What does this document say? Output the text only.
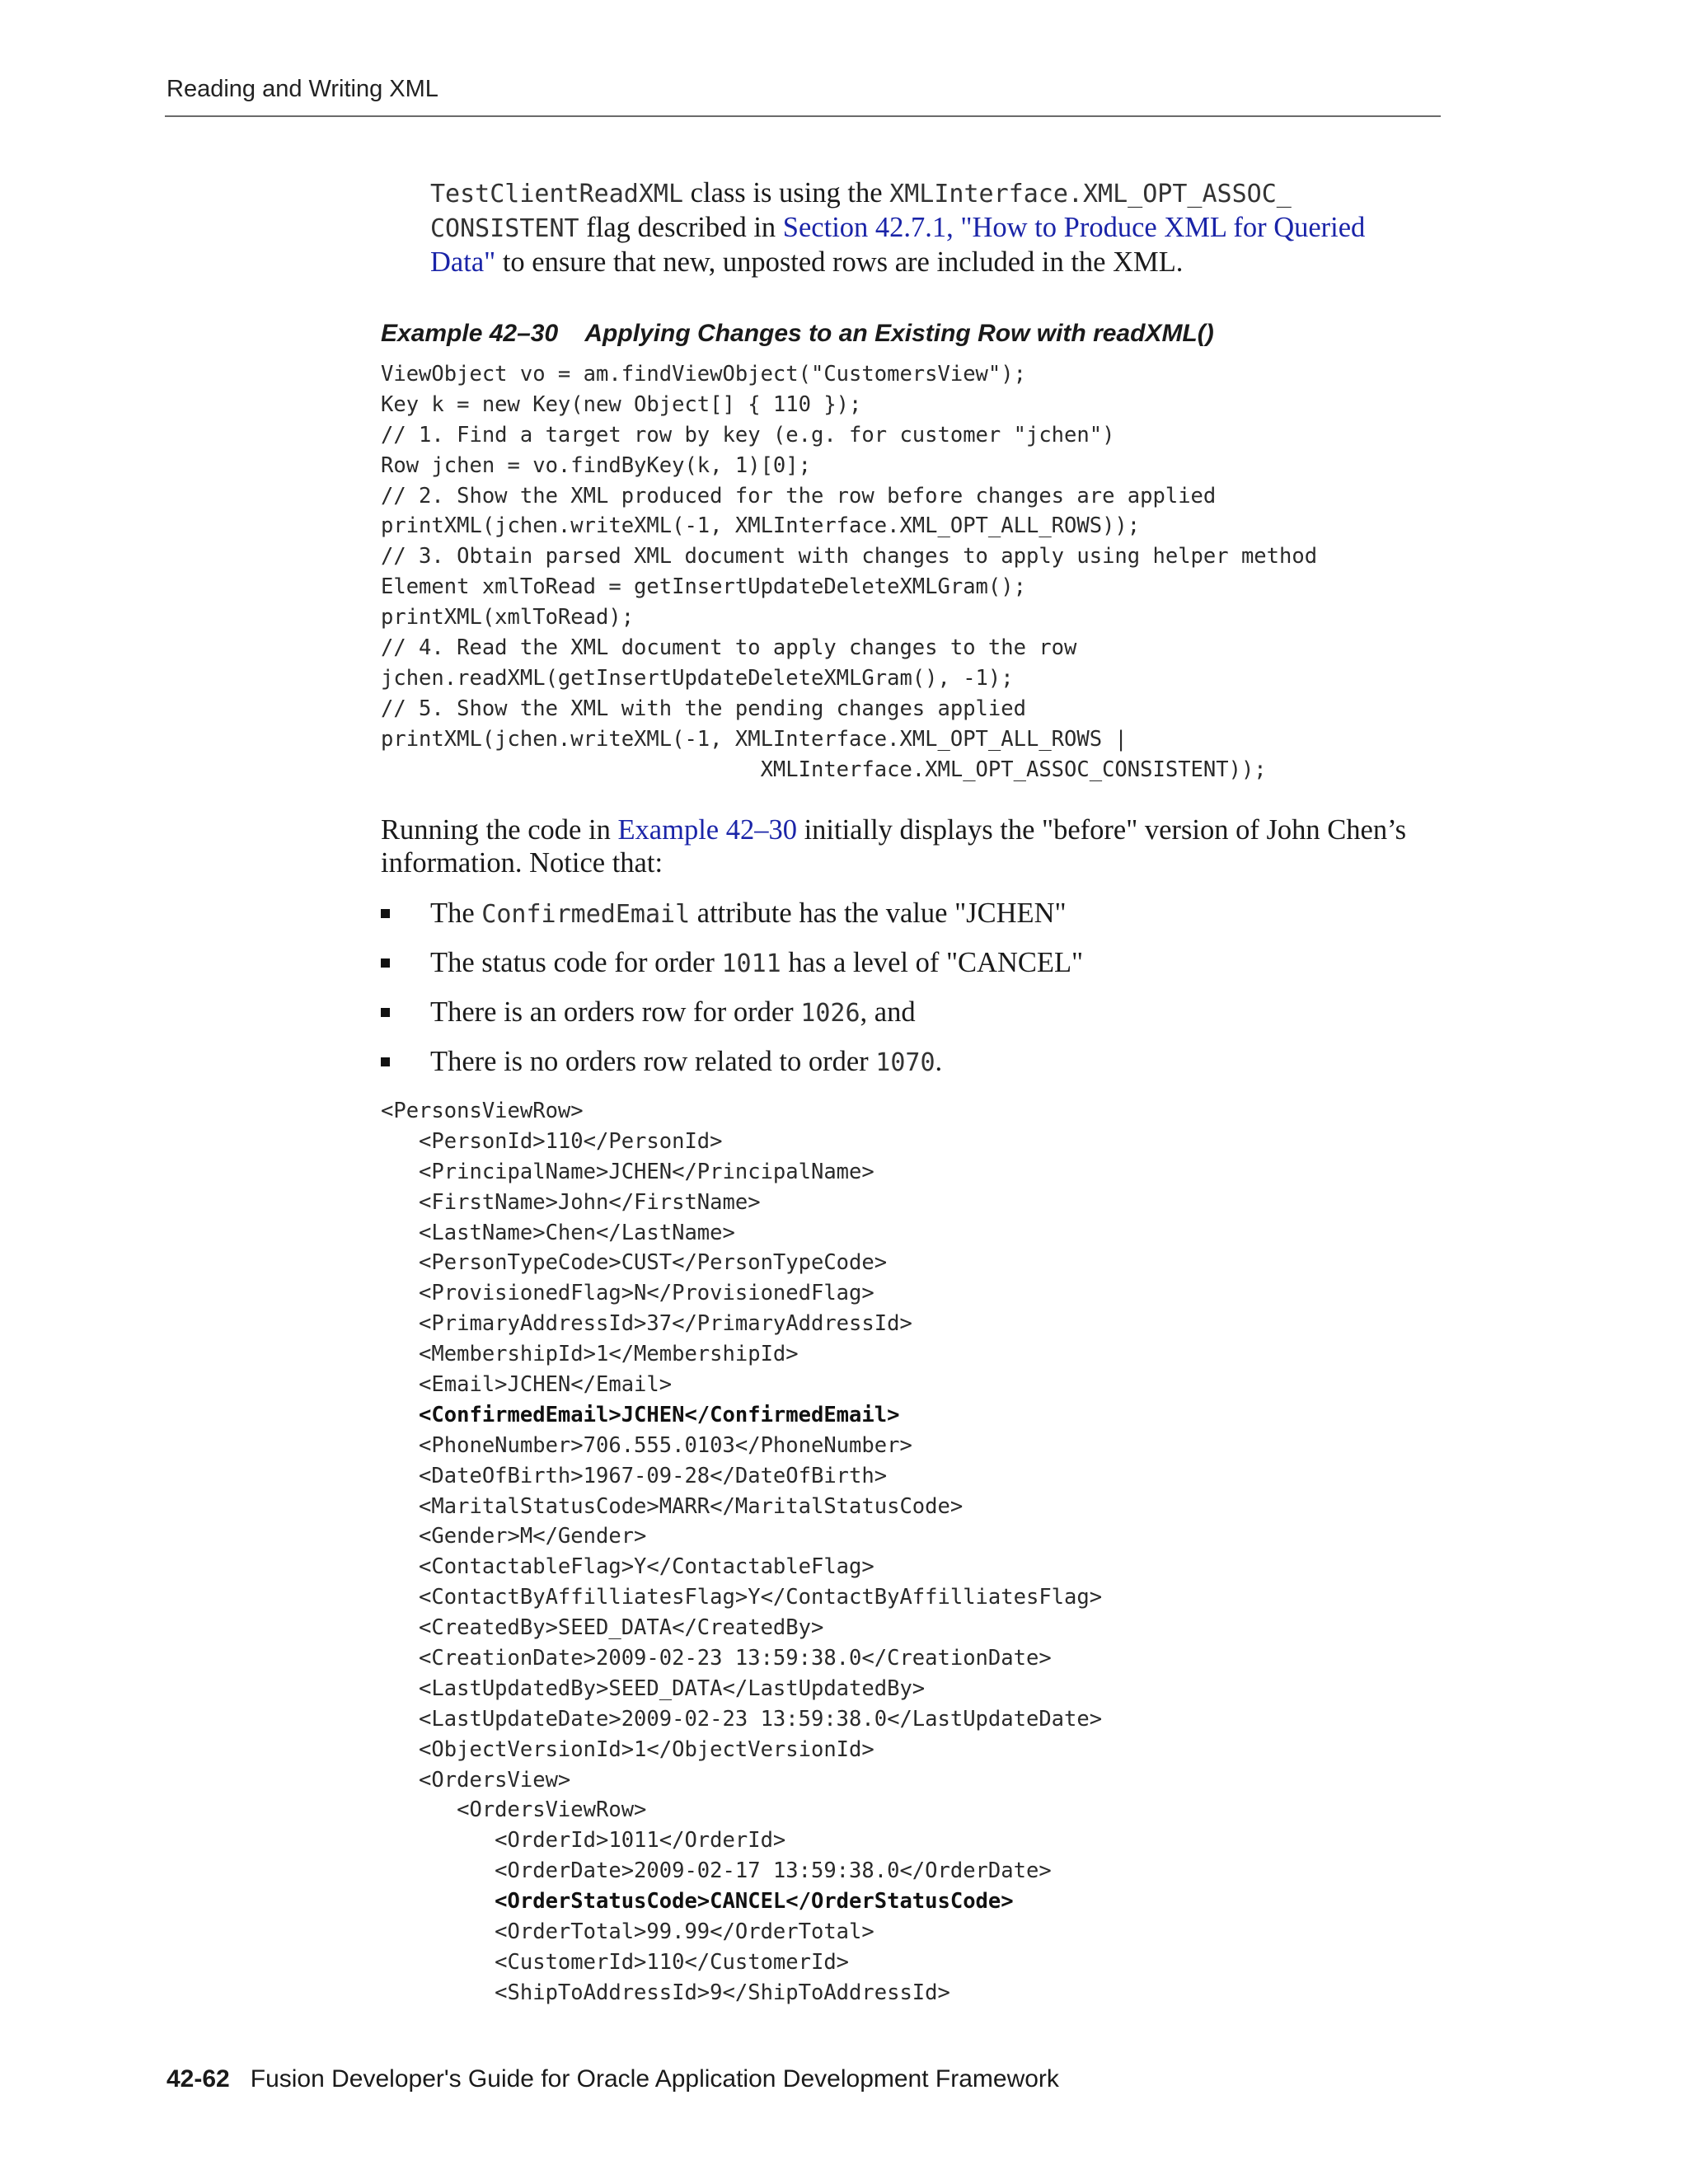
Reading and Writing XML
TestClientReadXML class is using the XMLInterface.XML_OPT_ASSOC_
CONSISTENT flag described in Section 42.7.1, "How to Produce XML for Queried
Data" to ensure that new, unposted rows are included in the XML.
Example 42–30    Applying Changes to an Existing Row with readXML()
ViewObject vo = am.findViewObject("CustomersView");
Key k = new Key(new Object[] { 110 });
// 1. Find a target row by key (e.g. for customer "jchen")
Row jchen = vo.findByKey(k, 1)[0];
// 2. Show the XML produced for the row before changes are applied
printXML(jchen.writeXML(-1, XMLInterface.XML_OPT_ALL_ROWS));
// 3. Obtain parsed XML document with changes to apply using helper method
Element xmlToRead = getInsertUpdateDeleteXMLGram();
printXML(xmlToRead);
// 4. Read the XML document to apply changes to the row
jchen.readXML(getInsertUpdateDeleteXMLGram(), -1);
// 5. Show the XML with the pending changes applied
printXML(jchen.writeXML(-1, XMLInterface.XML_OPT_ALL_ROWS |
XMLInterface.XML_OPT_ASSOC_CONSISTENT));
Running the code in Example 42–30 initially displays the "before" version of John Chen’s information. Notice that:
The ConfirmedEmail attribute has the value "JCHEN"
The status code for order 1011 has a level of "CANCEL"
There is an orders row for order 1026, and
There is no orders row related to order 1070.
<PersonsViewRow>
<PersonId>110</PersonId>
<PrincipalName>JCHEN</PrincipalName>
<FirstName>John</FirstName>
<LastName>Chen</LastName>
<PersonTypeCode>CUST</PersonTypeCode>
<ProvisionedFlag>N</ProvisionedFlag>
<PrimaryAddressId>37</PrimaryAddressId>
<MembershipId>1</MembershipId>
<Email>JCHEN</Email>
<ConfirmedEmail>JCHEN</ConfirmedEmail>
<PhoneNumber>706.555.0103</PhoneNumber>
<DateOfBirth>1967-09-28</DateOfBirth>
<MaritalStatusCode>MARR</MaritalStatusCode>
<Gender>M</Gender>
<ContactableFlag>Y</ContactableFlag>
<ContactByAffilliatesFlag>Y</ContactByAffilliatesFlag>
<CreatedBy>SEED_DATA</CreatedBy>
<CreationDate>2009-02-23 13:59:38.0</CreationDate>
<LastUpdatedBy>SEED_DATA</LastUpdatedBy>
<LastUpdateDate>2009-02-23 13:59:38.0</LastUpdateDate>
<ObjectVersionId>1</ObjectVersionId>
<OrdersView>
<OrdersViewRow>
<OrderId>1011</OrderId>
<OrderDate>2009-02-17 13:59:38.0</OrderDate>
<OrderStatusCode>CANCEL</OrderStatusCode>
<OrderTotal>99.99</OrderTotal>
<CustomerId>110</CustomerId>
<ShipToAddressId>9</ShipToAddressId>
42-62 Fusion Developer's Guide for Oracle Application Development Framework
